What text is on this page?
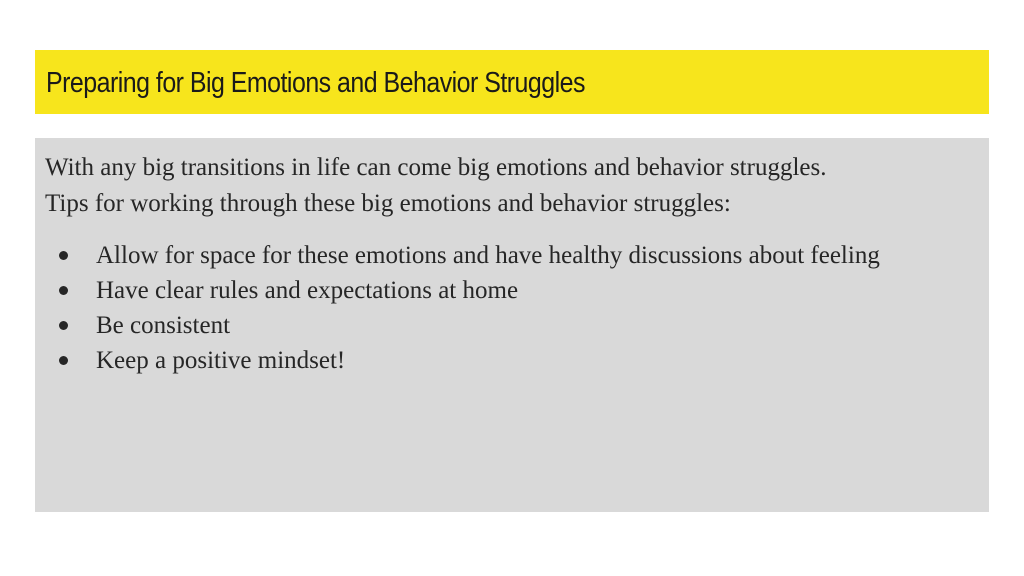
Preparing for Big Emotions and Behavior Struggles

With any big transitions in life can come big emotions and behavior struggles.
Tips for working through these big emotions and behavior struggles:

Allow for space for these emotions and have healthy discussions about feeling
Have clear rules and expectations at home
Be consistent
Keep a positive mindset!
